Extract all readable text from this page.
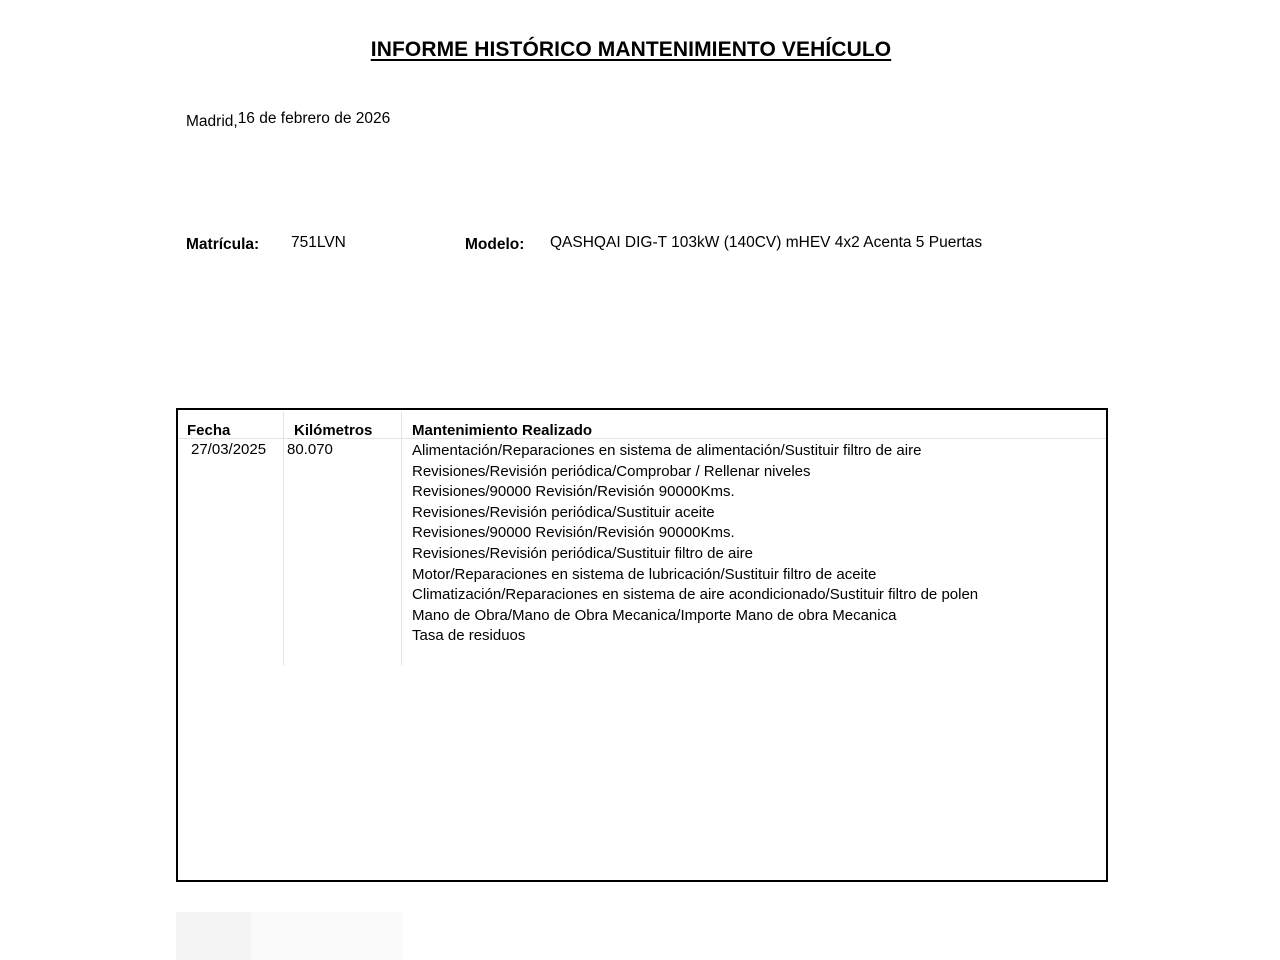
INFORME HISTÓRICO MANTENIMIENTO VEHÍCULO
Madrid,16 de febrero de 2026
Matrícula: 751LVN	Modelo: QASHQAI DIG-T 103kW (140CV) mHEV 4x2 Acenta 5 Puertas
Fecha	Kilómetros	Mantenimiento Realizado
27/03/2025 80.070	Alimentación/Reparaciones en sistema de alimentación/Sustituir filtro de aire
Revisiones/Revisión periódica/Comprobar / Rellenar niveles
Revisiones/90000 Revisión/Revisión 90000Kms.
Revisiones/Revisión periódica/Sustituir aceite
Revisiones/90000 Revisión/Revisión 90000Kms.
Revisiones/Revisión periódica/Sustituir filtro de aire
Motor/Reparaciones en sistema de lubricación/Sustituir filtro de aceite
Climatización/Reparaciones en sistema de aire acondicionado/Sustituir filtro de polen
Mano de Obra/Mano de Obra Mecanica/Importe Mano de obra Mecanica
Tasa de residuos
